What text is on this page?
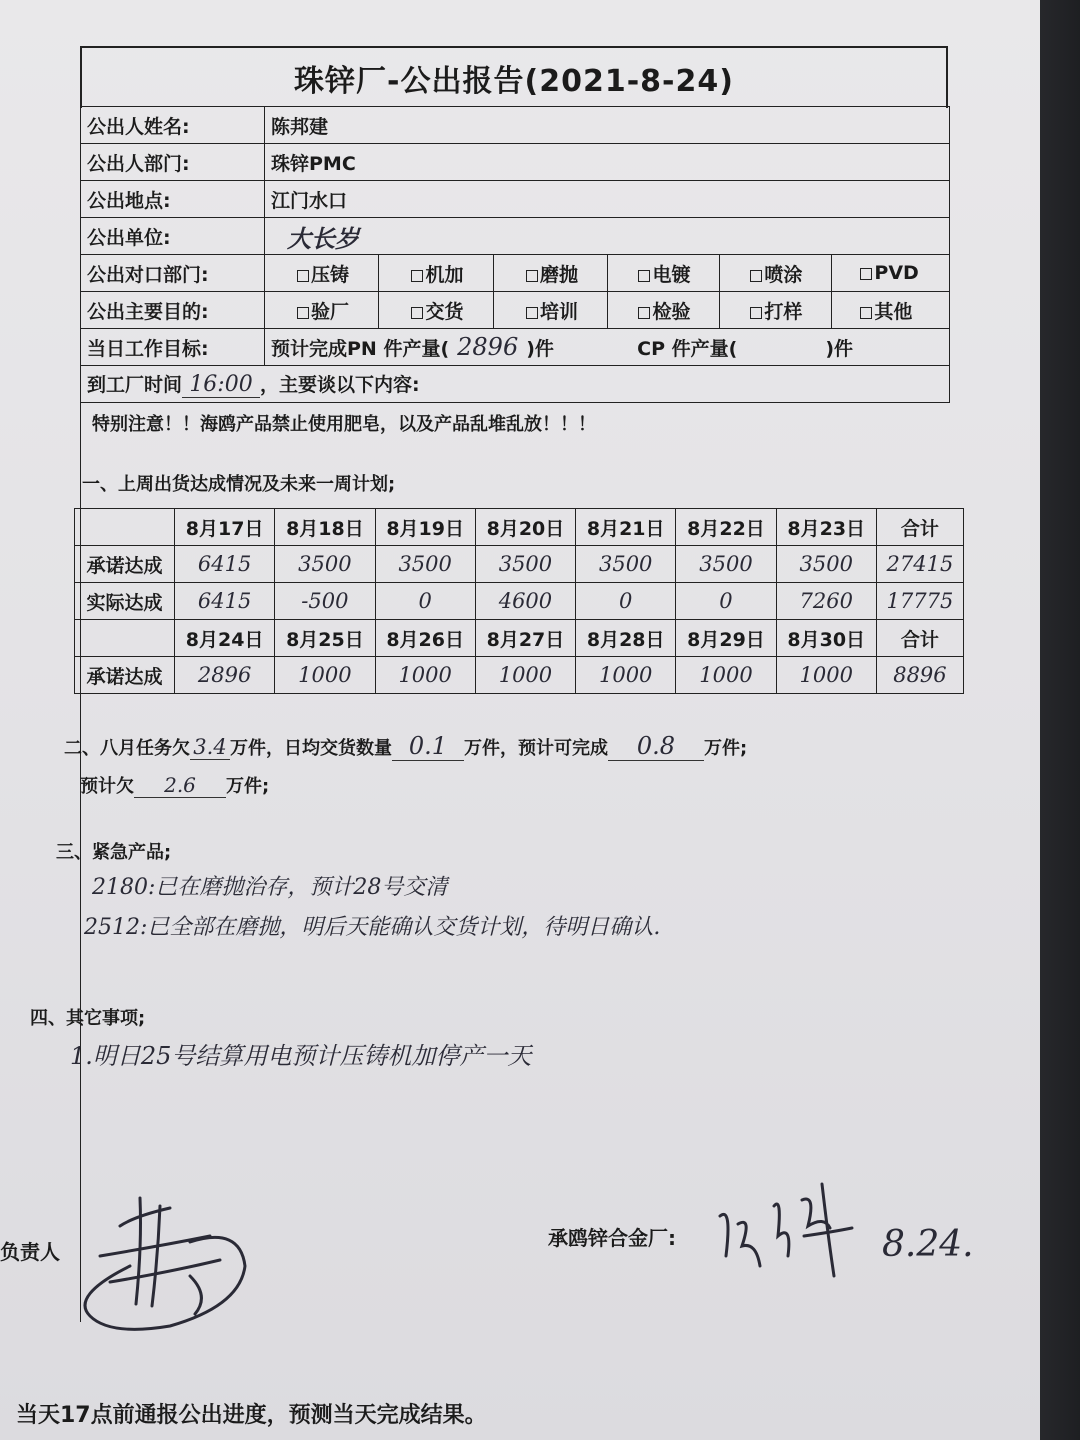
珠锌厂-公出报告(2021-8-24)
公出人姓名:	陈邦建					
公出人部门:	珠锌PMC					
公出地点:	江门水口					
公出单位:	大长岁					
公出对口部门:	压铸	机加	磨抛	电镀	喷涂	PVD
公出主要目的:	验厂	交货	培训	检验	打样	其他
当日工作目标:	预计完成PN 件产量( 2896 )件 CP 件产量( )件					
到工厂时间 16:00 ，主要谈以下内容:						
特别注意！！海鸥产品禁止使用肥皂，以及产品乱堆乱放！！！
一、上周出货达成情况及未来一周计划;
	8月17日	8月18日	8月19日	8月20日	8月21日	8月22日	8月23日	合计
承诺达成	6415	3500	3500	3500	3500	3500	3500	27415
实际达成	6415	-500	0	4600	0	0	7260	17775
	8月24日	8月25日	8月26日	8月27日	8月28日	8月29日	8月30日	合计
承诺达成	2896	1000	1000	1000	1000	1000	1000	8896
二、八月任务欠 3.4 万件，日均交货数量 0.1 万件，预计可完成 0.8 万件;
预计欠 2.6 万件;
三、紧急产品;
2180:已在磨抛治存，预计28号交清
2512:已全部在磨抛，明后天能确认交货计划，待明日确认.
四、其它事项;
1.明日25号结算用电预计压铸机加停产一天
负责人
承鸥锌合金厂:	8.24.
当天17点前通报公出进度，预测当天完成结果。
